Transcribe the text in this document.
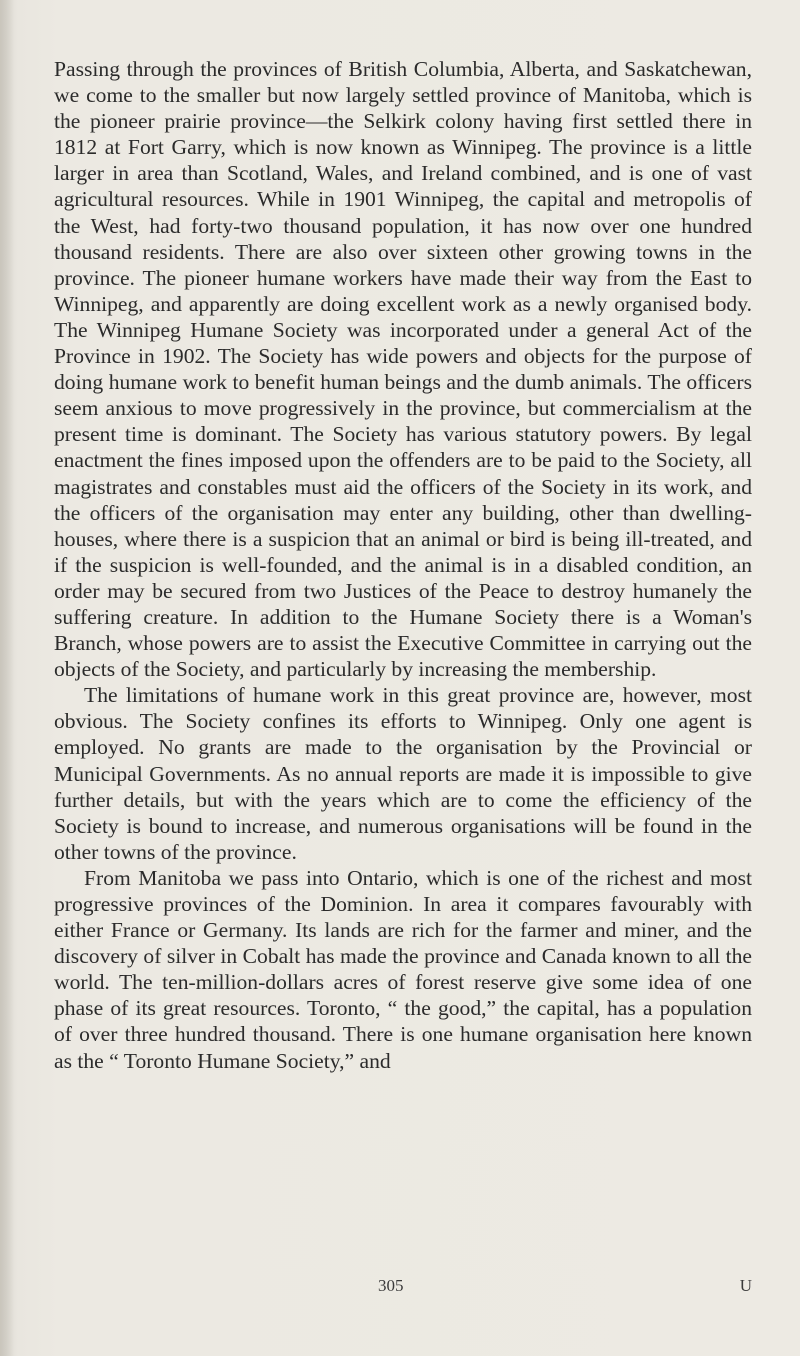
Passing through the provinces of British Columbia, Alberta, and Saskatchewan, we come to the smaller but now largely settled province of Manitoba, which is the pioneer prairie province—the Selkirk colony having first settled there in 1812 at Fort Garry, which is now known as Winnipeg. The province is a little larger in area than Scotland, Wales, and Ireland combined, and is one of vast agricultural resources. While in 1901 Winnipeg, the capital and metropolis of the West, had forty-two thousand population, it has now over one hundred thousand residents. There are also over sixteen other growing towns in the province. The pioneer humane workers have made their way from the East to Winnipeg, and apparently are doing excellent work as a newly organised body. The Winnipeg Humane Society was incorporated under a general Act of the Province in 1902. The Society has wide powers and objects for the purpose of doing humane work to benefit human beings and the dumb animals. The officers seem anxious to move progressively in the province, but commercialism at the present time is dominant. The Society has various statutory powers. By legal enactment the fines imposed upon the offenders are to be paid to the Society, all magistrates and constables must aid the officers of the Society in its work, and the officers of the organisation may enter any building, other than dwelling-houses, where there is a suspicion that an animal or bird is being ill-treated, and if the suspicion is well-founded, and the animal is in a disabled condition, an order may be secured from two Justices of the Peace to destroy humanely the suffering creature. In addition to the Humane Society there is a Woman's Branch, whose powers are to assist the Executive Committee in carrying out the objects of the Society, and particularly by increasing the membership.

The limitations of humane work in this great province are, however, most obvious. The Society confines its efforts to Winnipeg. Only one agent is employed. No grants are made to the organisation by the Provincial or Municipal Governments. As no annual reports are made it is impossible to give further details, but with the years which are to come the efficiency of the Society is bound to increase, and numerous organisations will be found in the other towns of the province.

From Manitoba we pass into Ontario, which is one of the richest and most progressive provinces of the Dominion. In area it compares favourably with either France or Germany. Its lands are rich for the farmer and miner, and the discovery of silver in Cobalt has made the province and Canada known to all the world. The ten-million-dollars acres of forest reserve give some idea of one phase of its great resources. Toronto, “ the good,” the capital, has a population of over three hundred thousand. There is one humane organisation here known as the “ Toronto Humane Society,” and

305	U
